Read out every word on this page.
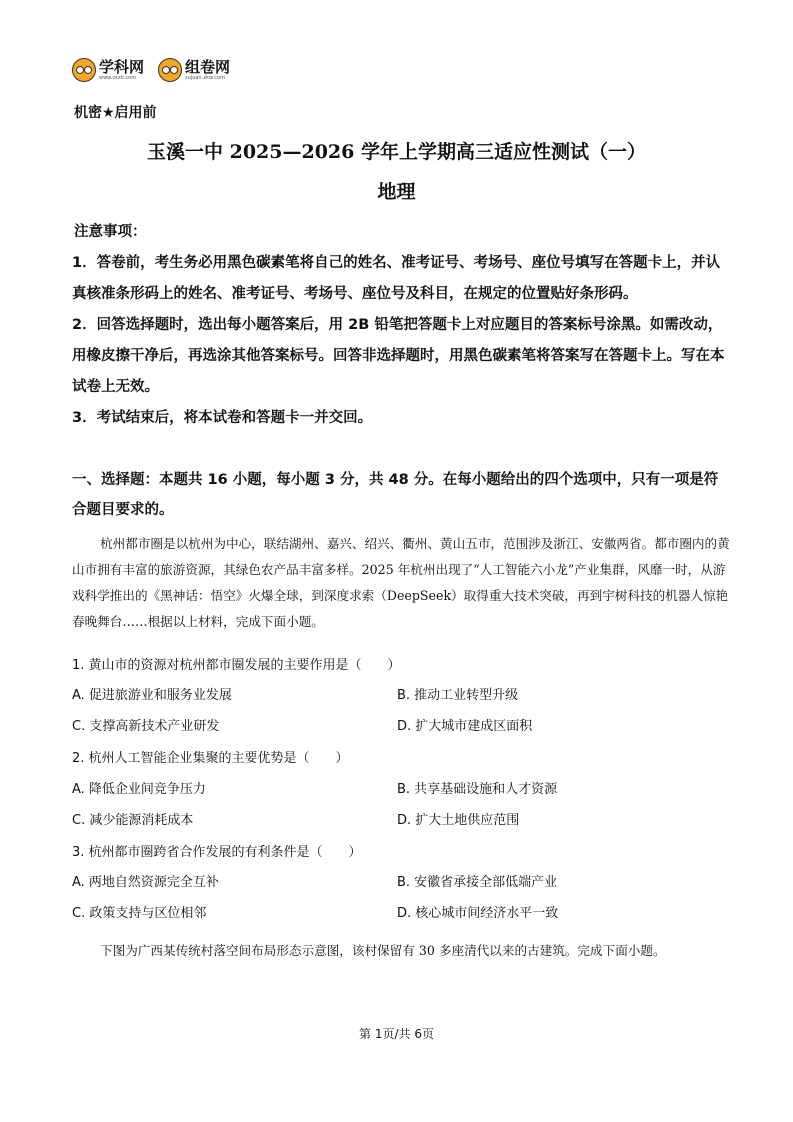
学科网
www.zxxk.com
组卷网
zujuan.xkw.com
机密★启用前
玉溪一中 2025—2026 学年上学期高三适应性测试（一）
地理
注意事项：

1．答卷前，考生务必用黑色碳素笔将自己的姓名、准考证号、考场号、座位号填写在答题卡上，并认真核准条形码上的姓名、准考证号、考场号、座位号及科目，在规定的位置贴好条形码。

2．回答选择题时，选出每小题答案后，用 2B 铅笔把答题卡上对应题目的答案标号涂黑。如需改动，用橡皮擦干净后，再选涂其他答案标号。回答非选择题时，用黑色碳素笔将答案写在答题卡上。写在本试卷上无效。

3．考试结束后，将本试卷和答题卡一并交回。

一、选择题：本题共 16 小题，每小题 3 分，共 48 分。在每小题给出的四个选项中，只有一项是符合题目要求的。
杭州都市圈是以杭州为中心，联结湖州、嘉兴、绍兴、衢州、黄山五市，范围涉及浙江、安徽两省。都市圈内的黄山市拥有丰富的旅游资源，其绿色农产品丰富多样。2025 年杭州出现了“人工智能六小龙”产业集群，风靡一时，从游戏科学推出的《黑神话：悟空》火爆全球，到深度求索（DeepSeek）取得重大技术突破，再到宇树科技的机器人惊艳春晚舞台……根据以上材料，完成下面小题。
1. 黄山市的资源对杭州都市圈发展的主要作用是（　　）
A. 促进旅游业和服务业发展	B. 推动工业转型升级
C. 支撑高新技术产业研发	D. 扩大城市建成区面积
2. 杭州人工智能企业集聚的主要优势是（　　）
A. 降低企业间竞争压力	B. 共享基础设施和人才资源
C. 减少能源消耗成本	D. 扩大土地供应范围
3. 杭州都市圈跨省合作发展的有利条件是（　　）
A. 两地自然资源完全互补	B. 安徽省承接全部低端产业
C. 政策支持与区位相邻	D. 核心城市间经济水平一致
下图为广西某传统村落空间布局形态示意图，该村保留有 30 多座清代以来的古建筑。完成下面小题。
第 1页/共 6页
